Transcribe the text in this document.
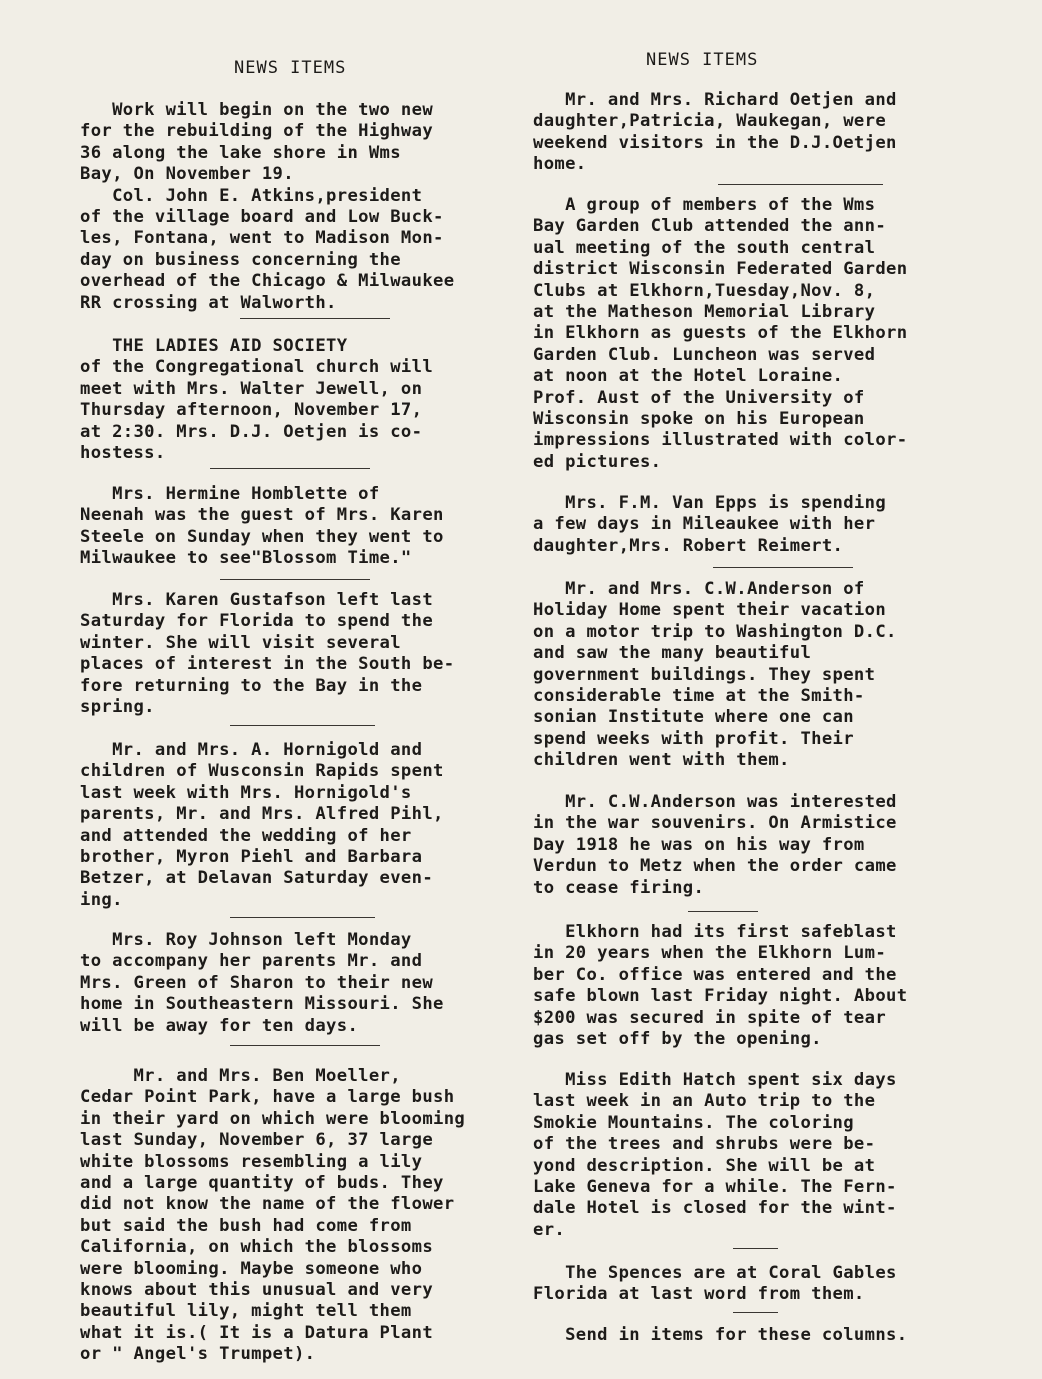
NEWS ITEMS

Work will begin on the two new
for the rebuilding of the Highway
36 along the lake shore in Wms
Bay, On November 19.
Col. John E. Atkins,president
of the village board and Low Buck-
les, Fontana, went to Madison Mon-
day on business concerning the
overhead of the Chicago & Milwaukee
RR crossing at Walworth.

THE LADIES AID SOCIETY
of the Congregational church will
meet with Mrs. Walter Jewell, on
Thursday afternoon, November 17,
at 2:30. Mrs. D.J. Oetjen is co-
hostess.

Mrs. Hermine Homblette of
Neenah was the guest of Mrs. Karen
Steele on Sunday when they went to
Milwaukee to see"Blossom Time."

Mrs. Karen Gustafson left last
Saturday for Florida to spend the
winter. She will visit several
places of interest in the South be-
fore returning to the Bay in the
spring.

Mr. and Mrs. A. Hornigold and
children of Wusconsin Rapids spent
last week with Mrs. Hornigold's
parents, Mr. and Mrs. Alfred Pihl,
and attended the wedding of her
brother, Myron Piehl and Barbara
Betzer, at Delavan Saturday even-
ing.

Mrs. Roy Johnson left Monday
to accompany her parents Mr. and
Mrs. Green of Sharon to their new
home in Southeastern Missouri. She
will be away for ten days.

Mr. and Mrs. Ben Moeller,
Cedar Point Park, have a large bush
in their yard on which were blooming
last Sunday, November 6, 37 large
white blossoms resembling a lily
and a large quantity of buds. They
did not know the name of the flower
but said the bush had come from
California, on which the blossoms
were blooming. Maybe someone who
knows about this unusual and very
beautiful lily, might tell them
what it is.( It is a Datura Plant
or " Angel's Trumpet).

NEWS ITEMS

Mr. and Mrs. Richard Oetjen and
daughter,Patricia, Waukegan, were
weekend visitors in the D.J.Oetjen
home.

A group of members of the Wms
Bay Garden Club attended the ann-
ual meeting of the south central
district Wisconsin Federated Garden
Clubs at Elkhorn,Tuesday,Nov. 8,
at the Matheson Memorial Library
in Elkhorn as guests of the Elkhorn
Garden Club. Luncheon was served
at noon at the Hotel Loraine.
Prof. Aust of the University of
Wisconsin spoke on his European
impressions illustrated with color-
ed pictures.

Mrs. F.M. Van Epps is spending
a few days in Mileaukee with her
daughter,Mrs. Robert Reimert.

Mr. and Mrs. C.W.Anderson of
Holiday Home spent their vacation
on a motor trip to Washington D.C.
and saw the many beautiful
government buildings. They spent
considerable time at the Smith-
sonian Institute where one can
spend weeks with profit. Their
children went with them.

Mr. C.W.Anderson was interested
in the war souvenirs. On Armistice
Day 1918 he was on his way from
Verdun to Metz when the order came
to cease firing.

Elkhorn had its first safeblast
in 20 years when the Elkhorn Lum-
ber Co. office was entered and the
safe blown last Friday night. About
$200 was secured in spite of tear
gas set off by the opening.

Miss Edith Hatch spent six days
last week in an Auto trip to the
Smokie Mountains. The coloring
of the trees and shrubs were be-
yond description. She will be at
Lake Geneva for a while. The Fern-
dale Hotel is closed for the wint-
er.

The Spences are at Coral Gables
Florida at last word from them.

Send in items for these columns.
